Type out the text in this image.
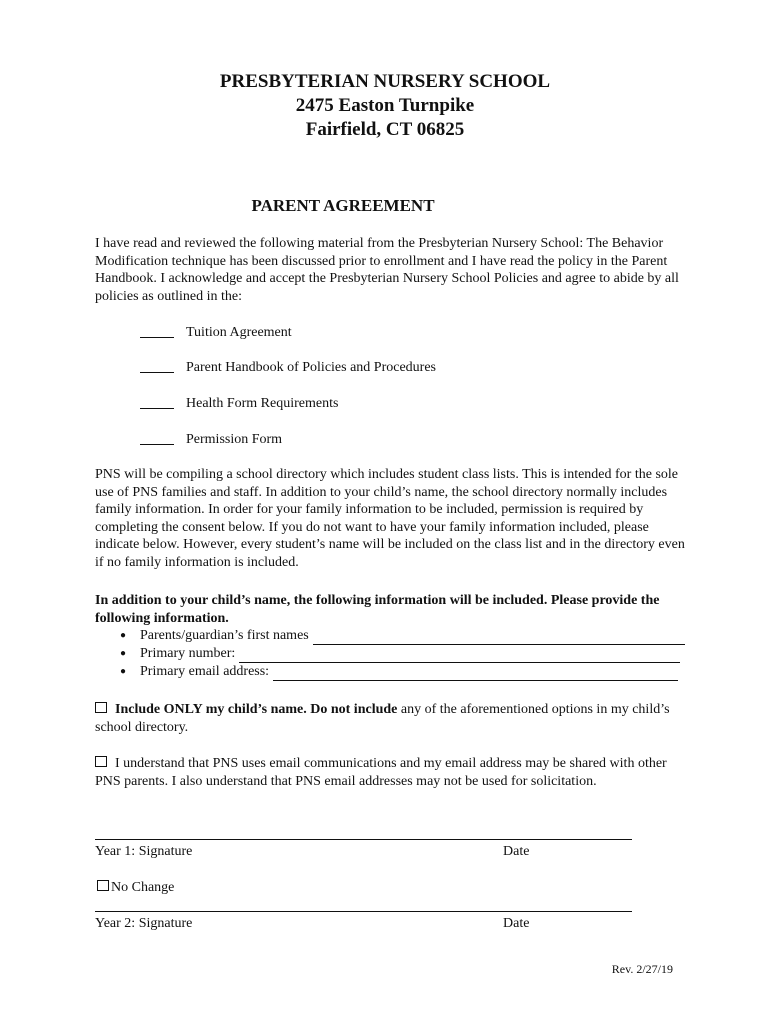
PRESBYTERIAN NURSERY SCHOOL
2475 Easton Turnpike
Fairfield, CT 06825
PARENT AGREEMENT
I have read and reviewed the following material from the Presbyterian Nursery School: The Behavior Modification technique has been discussed prior to enrollment and I have read the policy in the Parent Handbook. I acknowledge and accept the Presbyterian Nursery School Policies and agree to abide by all policies as outlined in the:
Tuition Agreement
Parent Handbook of Policies and Procedures
Health Form Requirements
Permission Form
PNS will be compiling a school directory which includes student class lists. This is intended for the sole use of PNS families and staff. In addition to your child’s name, the school directory normally includes family information. In order for your family information to be included, permission is required by completing the consent below. If you do not want to have your family information included, please indicate below. However, every student’s name will be included on the class list and in the directory even if no family information is included.
In addition to your child’s name, the following information will be included. Please provide the following information.
● Parents/guardian’s first names
● Primary number:
● Primary email address:
Include ONLY my child’s name. Do not include any of the aforementioned options in my child’s school directory.
I understand that PNS uses email communications and my email address may be shared with other PNS parents. I also understand that PNS email addresses may not be used for solicitation.
Year 1: Signature	Date
No Change
Year 2: Signature	Date
Rev. 2/27/19
